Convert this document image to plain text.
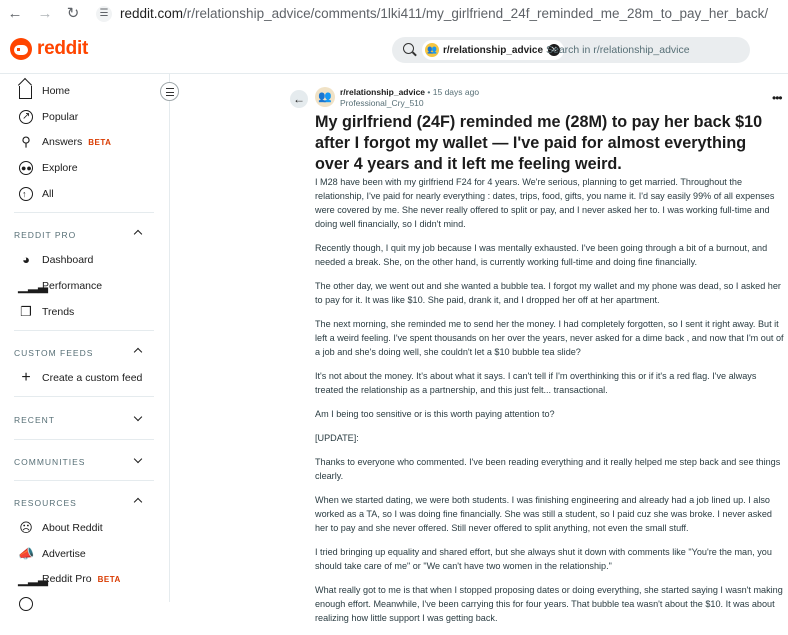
← → ↻	☰ reddit.com/r/relationship_advice/comments/1lki411/my_girlfriend_24f_reminded_me_28m_to_pay_her_back/
reddit	👥 r/relationship_advice ✕
Search in r/relationship_advice
Home
↗ Popular
⚲	Answers BETA
●● Explore
↑ All
REDDIT PRO
◕	Dashboard
▁▂▃
Performance
❐ Trends
CUSTOM FEEDS
+	Create a custom feed
RECENT
COMMUNITIES
RESOURCES
☹ About Reddit
📣 Advertise
▁▂▃
Reddit Pro BETA
← 👥 r/relationship_advice • 15 days ago
Professional_Cry_510	•••
My girlfriend (24F) reminded me (28M) to pay her back $10 after I forgot my wallet — I've paid for almost everything over 4 years and it left me feeling weird.

I M28 have been with my girlfriend F24 for 4 years. We're serious, planning to get married. Throughout the relationship, I've paid for nearly everything : dates, trips, food, gifts, you name it. I'd say easily 99% of all expenses were covered by me. She never really offered to split or pay, and I never asked her to. I was working full-time and doing well financially, so I didn't mind.

Recently though, I quit my job because I was mentally exhausted. I've been going through a bit of a burnout, and needed a break. She, on the other hand, is currently working full-time and doing fine financially.

The other day, we went out and she wanted a bubble tea. I forgot my wallet and my phone was dead, so I asked her to pay for it. It was like $10. She paid, drank it, and I dropped her off at her apartment.

The next morning, she reminded me to send her the money. I had completely forgotten, so I sent it right away. But it left a weird feeling. I've spent thousands on her over the years, never asked for a dime back , and now that I'm out of a job and she's doing well, she couldn't let a $10 bubble tea slide?

It's not about the money. It's about what it says. I can't tell if I'm overthinking this or if it's a red flag. I've always treated the relationship as a partnership, and this just felt... transactional.

Am I being too sensitive or is this worth paying attention to?

[UPDATE]:

Thanks to everyone who commented. I've been reading everything and it really helped me step back and see things clearly.

When we started dating, we were both students. I was finishing engineering and already had a job lined up. I also worked as a TA, so I was doing fine financially. She was still a student, so I paid cuz she was broke. I never asked her to pay and she never offered. Still never offered to split anything, not even the small stuff.

I tried bringing up equality and shared effort, but she always shut it down with comments like "You're the man, you should take care of me" or "We can't have two women in the relationship."

What really got to me is that when I stopped proposing dates or doing everything, she started saying I wasn't making enough effort. Meanwhile, I've been carrying this for four years. That bubble tea wasn't about the $10. It was about realizing how little support I was getting back.
